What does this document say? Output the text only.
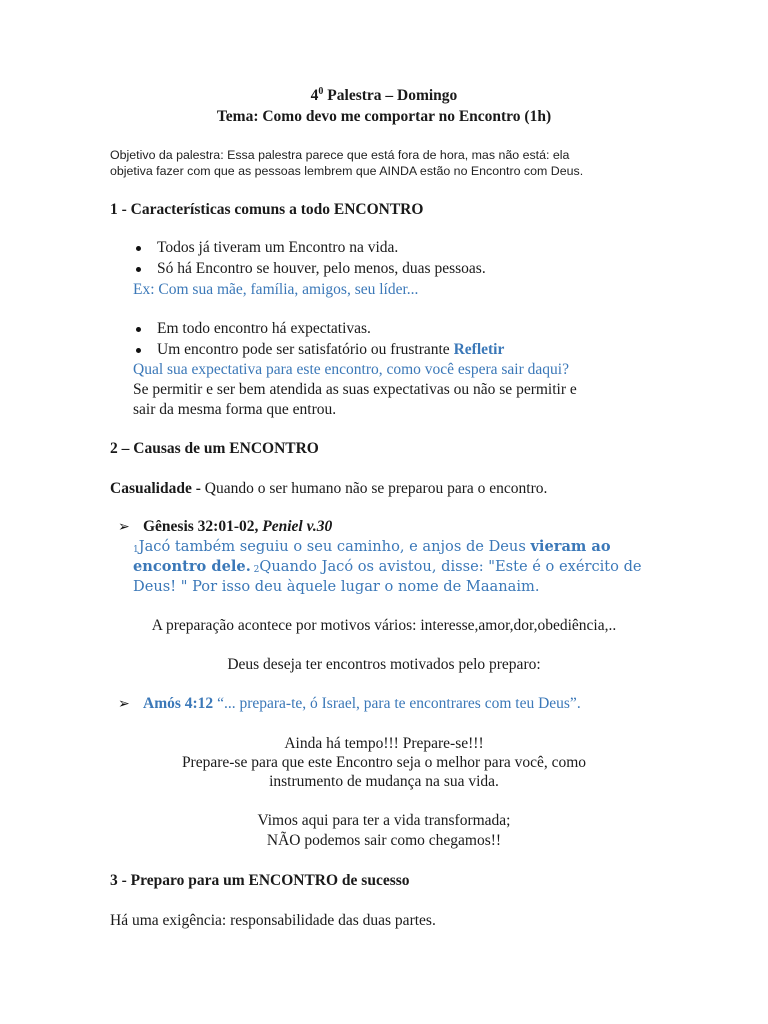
$4^0$ Palestra – Domingo
Tema: Como devo me comportar no Encontro (1h)
Objetivo da palestra: Essa palestra parece que está fora de hora, mas não está: ela
objetiva fazer com que as pessoas lembrem que AINDA estão no Encontro com Deus.
1 - Características comuns a todo ENCONTRO
Todos já tiveram um Encontro na vida.
Só há Encontro se houver, pelo menos, duas pessoas.
Ex: Com sua mãe, família, amigos, seu líder...
Em todo encontro há expectativas.
Um encontro pode ser satisfatório ou frustrante Refletir
Qual sua expectativa para este encontro, como você espera sair daqui?
Se permitir e ser bem atendida as suas expectativas ou não se permitir e
sair da mesma forma que entrou.
2 – Causas de um ENCONTRO
Casualidade - Quando o ser humano não se preparou para o encontro.
➢ Gênesis 32:01-02, Peniel v.30
1Jacó também seguiu o seu caminho, e anjos de Deus vieram ao
encontro dele. 2Quando Jacó os avistou, disse: "Este é o exército de
Deus! " Por isso deu àquele lugar o nome de Maanaim.
A preparação acontece por motivos vários: interesse,amor,dor,obediência,..
Deus deseja ter encontros motivados pelo preparo:
➢ Amós 4:12 “... prepara-te, ó Israel, para te encontrares com teu Deus”.
Ainda há tempo!!! Prepare-se!!!
Prepare-se para que este Encontro seja o melhor para você, como
instrumento de mudança na sua vida.
Vimos aqui para ter a vida transformada;
NÃO podemos sair como chegamos!!
3 - Preparo para um ENCONTRO de sucesso
Há uma exigência: responsabilidade das duas partes.
